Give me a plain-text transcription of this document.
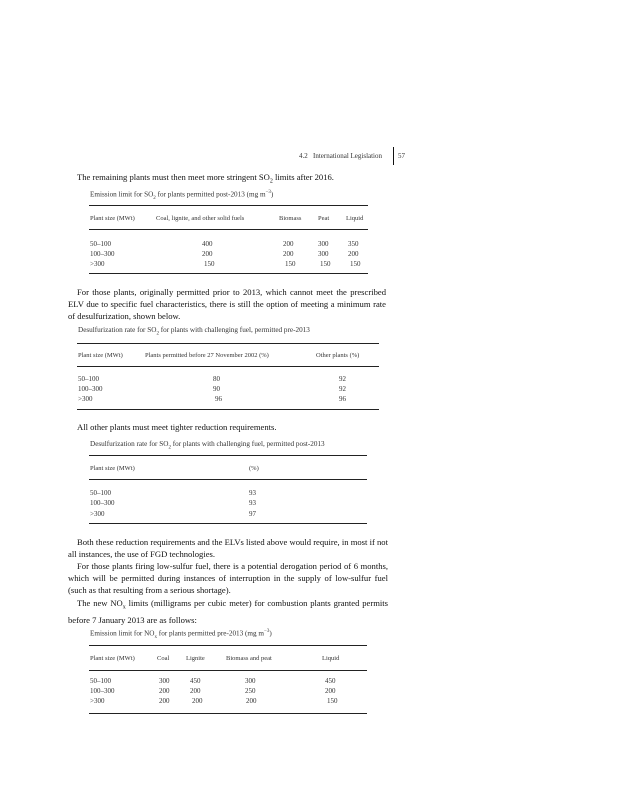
4.2 International Legislation 57

The remaining plants must then meet more stringent $SO_2$ limits after 2016.

Emission limit for $SO_2$ for plants permitted post-2013 (mg $m^{-3}$)
Plant size (MWt)	Coal, lignite, and other solid fuels	Biomass	Peat	Liquid
50–100	400	200	300	350
100–300	200	200	300	200
>300	150	150	150	150

For those plants, originally permitted prior to 2013, which cannot meet the prescribed ELV due to specific fuel characteristics, there is still the option of meeting a minimum rate of desulfurization, shown below.

Desulfurization rate for $SO_2$ for plants with challenging fuel, permitted pre-2013
Plant size (MWt)	Plants permitted before 27 November 2002 (%)	Other plants (%)
50–100	80	92
100–300	90	92
>300	96	96

All other plants must meet tighter reduction requirements.

Desulfurization rate for $SO_2$ for plants with challenging fuel, permitted post-2013
Plant size (MWt)	(%)
50–100	93
100–300	93
>300	97

Both these reduction requirements and the ELVs listed above would require, in most if not all instances, the use of FGD technologies.

For those plants firing low-sulfur fuel, there is a potential derogation period of 6 months, which will be permitted during instances of interruption in the supply of low-sulfur fuel (such as that resulting from a serious shortage).

The new $NO_x$ limits (milligrams per cubic meter) for combustion plants granted permits before 7 January 2013 are as follows:

Emission limit for $NO_x$ for plants permitted pre-2013 (mg $m^{-3}$)
Plant size (MWt)	Coal	Lignite	Biomass and peat	Liquid
50–100	300	450	300	450
100–300	200	200	250	200
>300	200	200	200	150
